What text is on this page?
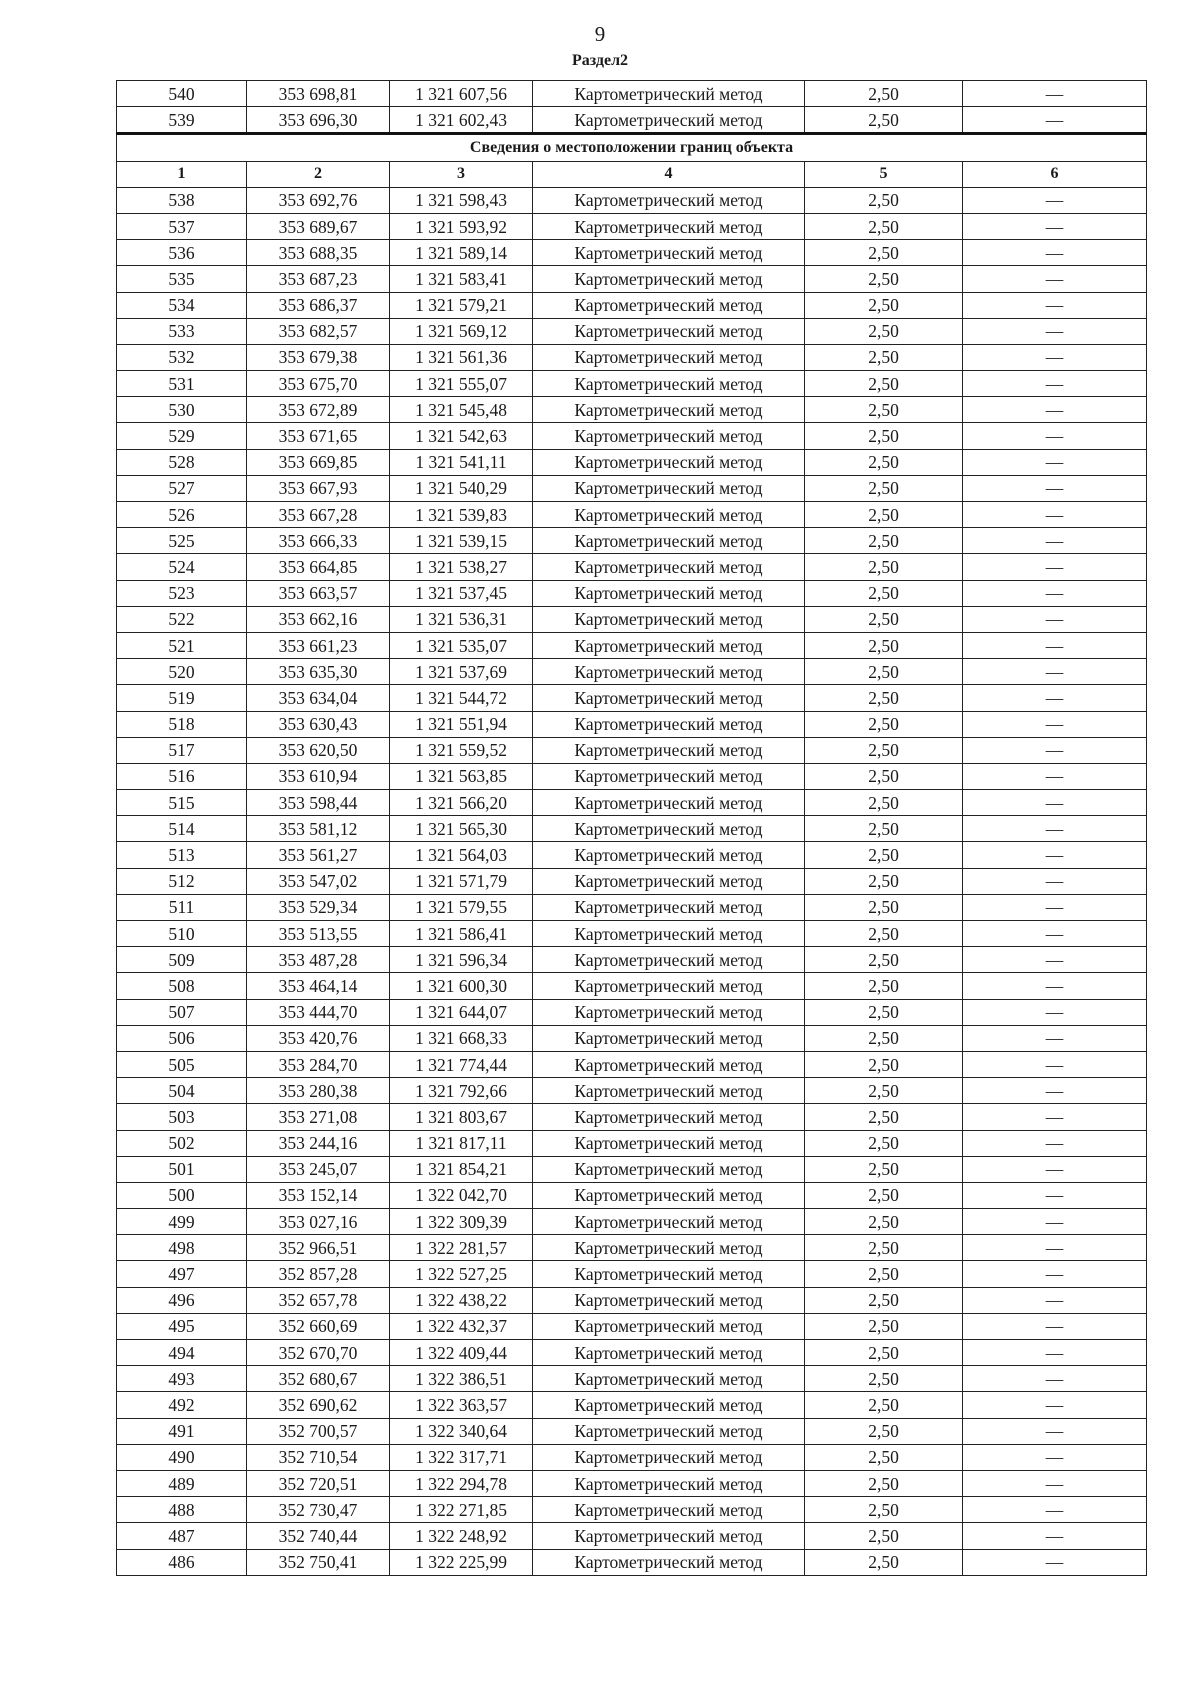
9
Раздел2
540	353 698,81	1 321 607,56	Картометрический метод	2,50	—
539	353 696,30	1 321 602,43	Картометрический метод	2,50	—
Сведения о местоположении границ объекта					
1	2	3	4	5	6
538	353 692,76	1 321 598,43	Картометрический метод	2,50	—
537	353 689,67	1 321 593,92	Картометрический метод	2,50	—
536	353 688,35	1 321 589,14	Картометрический метод	2,50	—
535	353 687,23	1 321 583,41	Картометрический метод	2,50	—
534	353 686,37	1 321 579,21	Картометрический метод	2,50	—
533	353 682,57	1 321 569,12	Картометрический метод	2,50	—
532	353 679,38	1 321 561,36	Картометрический метод	2,50	—
531	353 675,70	1 321 555,07	Картометрический метод	2,50	—
530	353 672,89	1 321 545,48	Картометрический метод	2,50	—
529	353 671,65	1 321 542,63	Картометрический метод	2,50	—
528	353 669,85	1 321 541,11	Картометрический метод	2,50	—
527	353 667,93	1 321 540,29	Картометрический метод	2,50	—
526	353 667,28	1 321 539,83	Картометрический метод	2,50	—
525	353 666,33	1 321 539,15	Картометрический метод	2,50	—
524	353 664,85	1 321 538,27	Картометрический метод	2,50	—
523	353 663,57	1 321 537,45	Картометрический метод	2,50	—
522	353 662,16	1 321 536,31	Картометрический метод	2,50	—
521	353 661,23	1 321 535,07	Картометрический метод	2,50	—
520	353 635,30	1 321 537,69	Картометрический метод	2,50	—
519	353 634,04	1 321 544,72	Картометрический метод	2,50	—
518	353 630,43	1 321 551,94	Картометрический метод	2,50	—
517	353 620,50	1 321 559,52	Картометрический метод	2,50	—
516	353 610,94	1 321 563,85	Картометрический метод	2,50	—
515	353 598,44	1 321 566,20	Картометрический метод	2,50	—
514	353 581,12	1 321 565,30	Картометрический метод	2,50	—
513	353 561,27	1 321 564,03	Картометрический метод	2,50	—
512	353 547,02	1 321 571,79	Картометрический метод	2,50	—
511	353 529,34	1 321 579,55	Картометрический метод	2,50	—
510	353 513,55	1 321 586,41	Картометрический метод	2,50	—
509	353 487,28	1 321 596,34	Картометрический метод	2,50	—
508	353 464,14	1 321 600,30	Картометрический метод	2,50	—
507	353 444,70	1 321 644,07	Картометрический метод	2,50	—
506	353 420,76	1 321 668,33	Картометрический метод	2,50	—
505	353 284,70	1 321 774,44	Картометрический метод	2,50	—
504	353 280,38	1 321 792,66	Картометрический метод	2,50	—
503	353 271,08	1 321 803,67	Картометрический метод	2,50	—
502	353 244,16	1 321 817,11	Картометрический метод	2,50	—
501	353 245,07	1 321 854,21	Картометрический метод	2,50	—
500	353 152,14	1 322 042,70	Картометрический метод	2,50	—
499	353 027,16	1 322 309,39	Картометрический метод	2,50	—
498	352 966,51	1 322 281,57	Картометрический метод	2,50	—
497	352 857,28	1 322 527,25	Картометрический метод	2,50	—
496	352 657,78	1 322 438,22	Картометрический метод	2,50	—
495	352 660,69	1 322 432,37	Картометрический метод	2,50	—
494	352 670,70	1 322 409,44	Картометрический метод	2,50	—
493	352 680,67	1 322 386,51	Картометрический метод	2,50	—
492	352 690,62	1 322 363,57	Картометрический метод	2,50	—
491	352 700,57	1 322 340,64	Картометрический метод	2,50	—
490	352 710,54	1 322 317,71	Картометрический метод	2,50	—
489	352 720,51	1 322 294,78	Картометрический метод	2,50	—
488	352 730,47	1 322 271,85	Картометрический метод	2,50	—
487	352 740,44	1 322 248,92	Картометрический метод	2,50	—
486	352 750,41	1 322 225,99	Картометрический метод	2,50	—
